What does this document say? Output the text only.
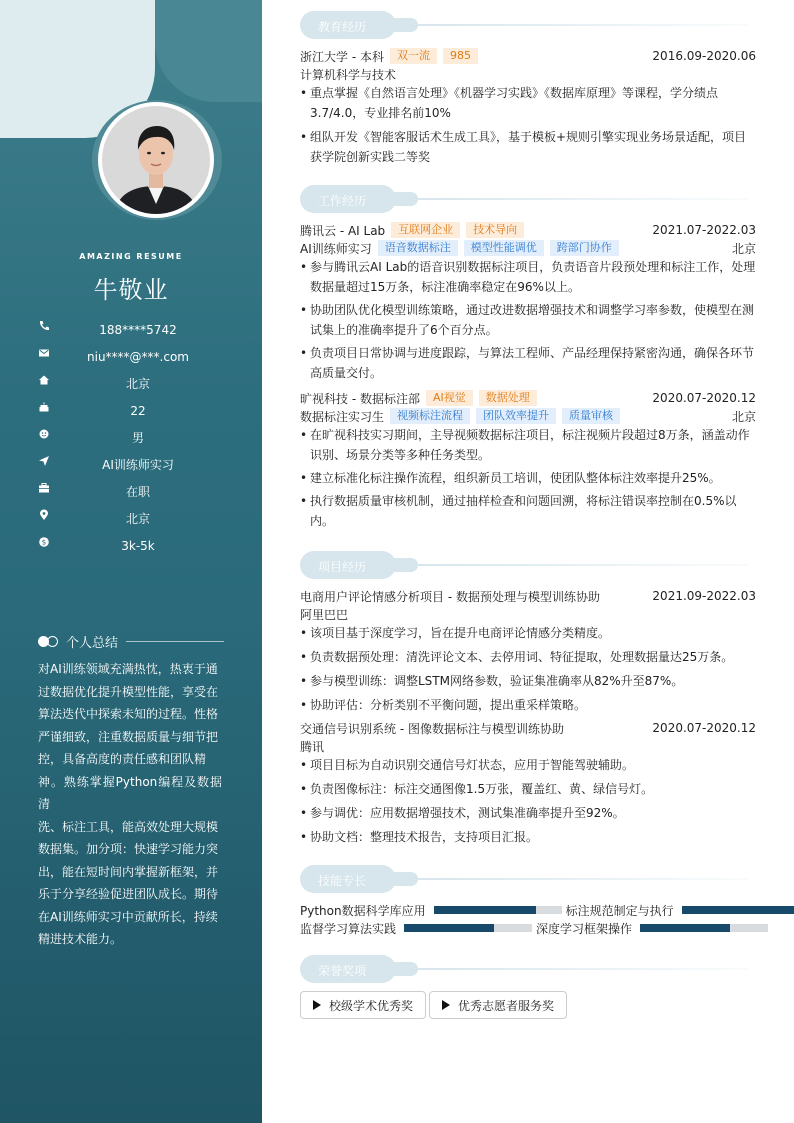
AMAZING RESUME
牛敬业
188****5742
niu****@***.com
北京
22
男
AI训练师实习
在职
北京
$	3k-5k
个人总结
对AI训练领域充满热忱，热衷于通
过数据优化提升模型性能，享受在
算法迭代中探索未知的过程。性格
严谨细致，注重数据质量与细节把
控，具备高度的责任感和团队精
神。熟练掌握Python编程及数据清
洗、标注工具，能高效处理大规模
数据集。加分项：快速学习能力突
出，能在短时间内掌握新框架，并
乐于分享经验促进团队成长。期待
在AI训练师实习中贡献所长，持续
精进技术能力。
教育经历
浙江大学 - 本科	双一流	985	2016.09-2020.06
计算机科学与技术
• 重点掌握《自然语言处理》《机器学习实践》《数据库原理》等课程，学分绩点3.7/4.0，专业排名前10%
• 组队开发《智能客服话术生成工具》，基于模板+规则引擎实现业务场景适配，项目获学院创新实践二等奖
工作经历
腾讯云 - AI Lab	互联网企业	技术导向	2021.07-2022.03
AI训练师实习	语音数据标注	模型性能调优	跨部门协作	北京
• 参与腾讯云AI Lab的语音识别数据标注项目，负责语音片段预处理和标注工作，处理数据量超过15万条，标注准确率稳定在96%以上。
• 协助团队优化模型训练策略，通过改进数据增强技术和调整学习率参数，使模型在测试集上的准确率提升了6个百分点。
• 负责项目日常协调与进度跟踪，与算法工程师、产品经理保持紧密沟通，确保各环节高质量交付。
旷视科技 - 数据标注部	AI视觉	数据处理	2020.07-2020.12
数据标注实习生	视频标注流程	团队效率提升	质量审核	北京
• 在旷视科技实习期间，主导视频数据标注项目，标注视频片段超过8万条，涵盖动作识别、场景分类等多种任务类型。
• 建立标准化标注操作流程，组织新员工培训，使团队整体标注效率提升25%。
• 执行数据质量审核机制，通过抽样检查和问题回溯，将标注错误率控制在0.5%以内。
项目经历
电商用户评论情感分析项目 - 数据预处理与模型训练协助	2021.09-2022.03
阿里巴巴
• 该项目基于深度学习，旨在提升电商评论情感分类精度。
• 负责数据预处理：清洗评论文本、去停用词、特征提取，处理数据量达25万条。
• 参与模型训练：调整LSTM网络参数，验证集准确率从82%升至87%。
• 协助评估：分析类别不平衡问题，提出重采样策略。
交通信号识别系统 - 图像数据标注与模型训练协助	2020.07-2020.12
腾讯
• 项目目标为自动识别交通信号灯状态，应用于智能驾驶辅助。
• 负责图像标注：标注交通图像1.5万张，覆盖红、黄、绿信号灯。
• 参与调优：应用数据增强技术，测试集准确率提升至92%。
• 协助文档：整理技术报告，支持项目汇报。
技能专长
Python数据科学库应用	标注规范制定与执行
监督学习算法实践	深度学习框架操作
荣誉奖项
校级学术优秀奖	优秀志愿者服务奖
